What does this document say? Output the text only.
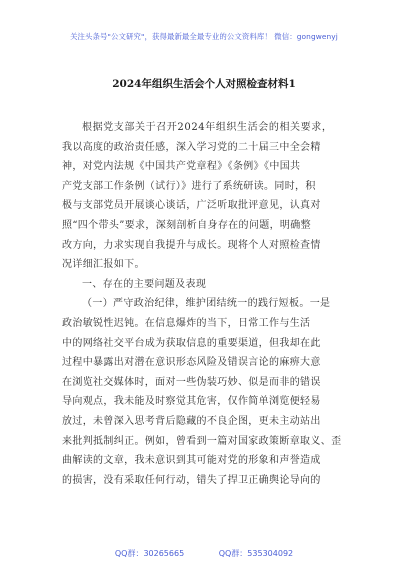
关注头条号"公文研究"，获得最新最全最专业的公文资料库！ 微信：gongwenyj
2024年组织生活会个人对照检查材料1
根据党支部关于召开2024年组织生活会的相关要求，
我以高度的政治责任感，深入学习党的二十届三中全会精
神，对党内法规《中国共产党章程》《条例》《中国共
产党支部工作条例（试行）》进行了系统研读。同时，积
极与支部党员开展谈心谈话，广泛听取批评意见，认真对
照“四个带头”要求，深刻剖析自身存在的问题，明确整
改方向，力求实现自我提升与成长。现将个人对照检查情
况详细汇报如下。
一、存在的主要问题及表现
（一）严守政治纪律，维护团结统一的践行短板。一是
政治敏锐性迟钝。在信息爆炸的当下，日常工作与生活
中的网络社交平台成为获取信息的重要渠道，但我却在此
过程中暴露出对潜在意识形态风险及错误言论的麻痹大意
在浏览社交媒体时，面对一些伪装巧妙、似是而非的错误
导向观点，我未能及时察觉其危害，仅作简单浏览便轻易
放过，未曾深入思考背后隐藏的不良企图，更未主动站出
来批判抵制纠正。例如，曾看到一篇对国家政策断章取义、歪
曲解读的文章，我未意识到其可能对党的形象和声誉造成
的损害，没有采取任何行动，错失了捍卫正确舆论导向的
QQ群：30265665	QQ群：535304092
